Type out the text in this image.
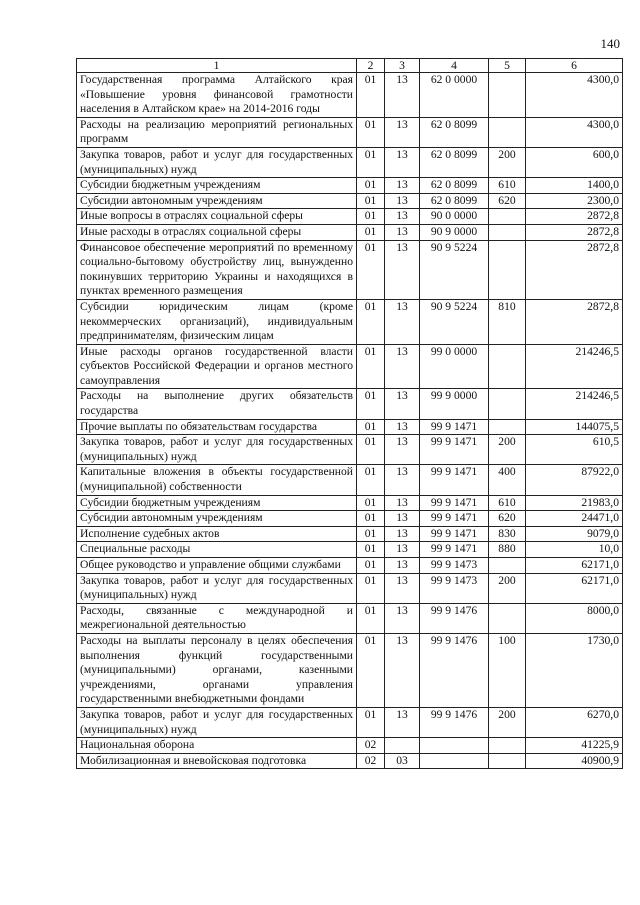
140
1	2	3	4	5	6
Государственная программа Алтайского края «Повышение уровня финансовой грамотности населения в Алтайском крае» на 2014-2016 годы	01	13	62 0 0000		4300,0
Расходы на реализацию мероприятий региональных программ	01	13	62 0 8099		4300,0
Закупка товаров, работ и услуг для государственных (муниципальных) нужд	01	13	62 0 8099	200	600,0
Субсидии бюджетным учреждениям	01	13	62 0 8099	610	1400,0
Субсидии автономным учреждениям	01	13	62 0 8099	620	2300,0
Иные вопросы в отраслях социальной сферы	01	13	90 0 0000		2872,8
Иные расходы в отраслях социальной сферы	01	13	90 9 0000		2872,8
Финансовое обеспечение мероприятий по временному социально-бытовому обустройству лиц, вынужденно покинувших территорию Украины и находящихся в пунктах временного размещения	01	13	90 9 5224		2872,8
Субсидии юридическим лицам (кроме некоммерческих организаций), индивидуальным предпринимателям, физическим лицам	01	13	90 9 5224	810	2872,8
Иные расходы органов государственной власти субъектов Российской Федерации и органов местного самоуправления	01	13	99 0 0000		214246,5
Расходы на выполнение других обязательств государства	01	13	99 9 0000		214246,5
Прочие выплаты по обязательствам государства	01	13	99 9 1471		144075,5
Закупка товаров, работ и услуг для государственных (муниципальных) нужд	01	13	99 9 1471	200	610,5
Капитальные вложения в объекты государственной (муниципальной) собственности	01	13	99 9 1471	400	87922,0
Субсидии бюджетным учреждениям	01	13	99 9 1471	610	21983,0
Субсидии автономным учреждениям	01	13	99 9 1471	620	24471,0
Исполнение судебных актов	01	13	99 9 1471	830	9079,0
Специальные расходы	01	13	99 9 1471	880	10,0
Общее руководство и управление общими службами	01	13	99 9 1473		62171,0
Закупка товаров, работ и услуг для государственных (муниципальных) нужд	01	13	99 9 1473	200	62171,0
Расходы, связанные с международной и межрегиональной деятельностью	01	13	99 9 1476		8000,0
Расходы на выплаты персоналу в целях обеспечения выполнения функций государственными (муниципальными) органами, казенными учреждениями, органами управления государственными внебюджетными фондами	01	13	99 9 1476	100	1730,0
Закупка товаров, работ и услуг для государственных (муниципальных) нужд	01	13	99 9 1476	200	6270,0
Национальная оборона	02				41225,9
Мобилизационная и вневойсковая подготовка	02	03			40900,9
